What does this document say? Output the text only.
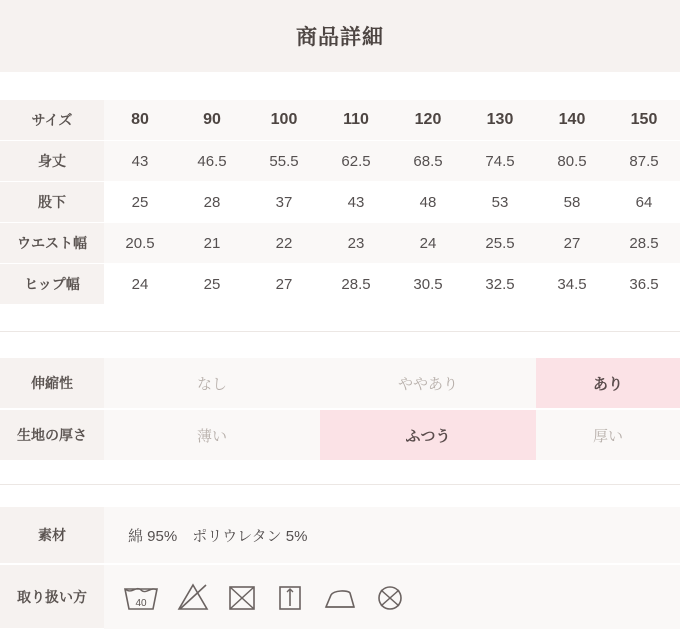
商品詳細
サイズ	80	90	100	110	120	130	140	150
身丈	43	46.5	55.5	62.5	68.5	74.5	80.5	87.5
股下	25	28	37	43	48	53	58	64
ウエスト幅	20.5	21	22	23	24	25.5	27	28.5
ヒップ幅	24	25	27	28.5	30.5	32.5	34.5	36.5
伸縮性	なし	ややあり	あり
生地の厚さ	薄い	ふつう	厚い
素材	綿 95%　ポリウレタン 5%
取り扱い方	40
